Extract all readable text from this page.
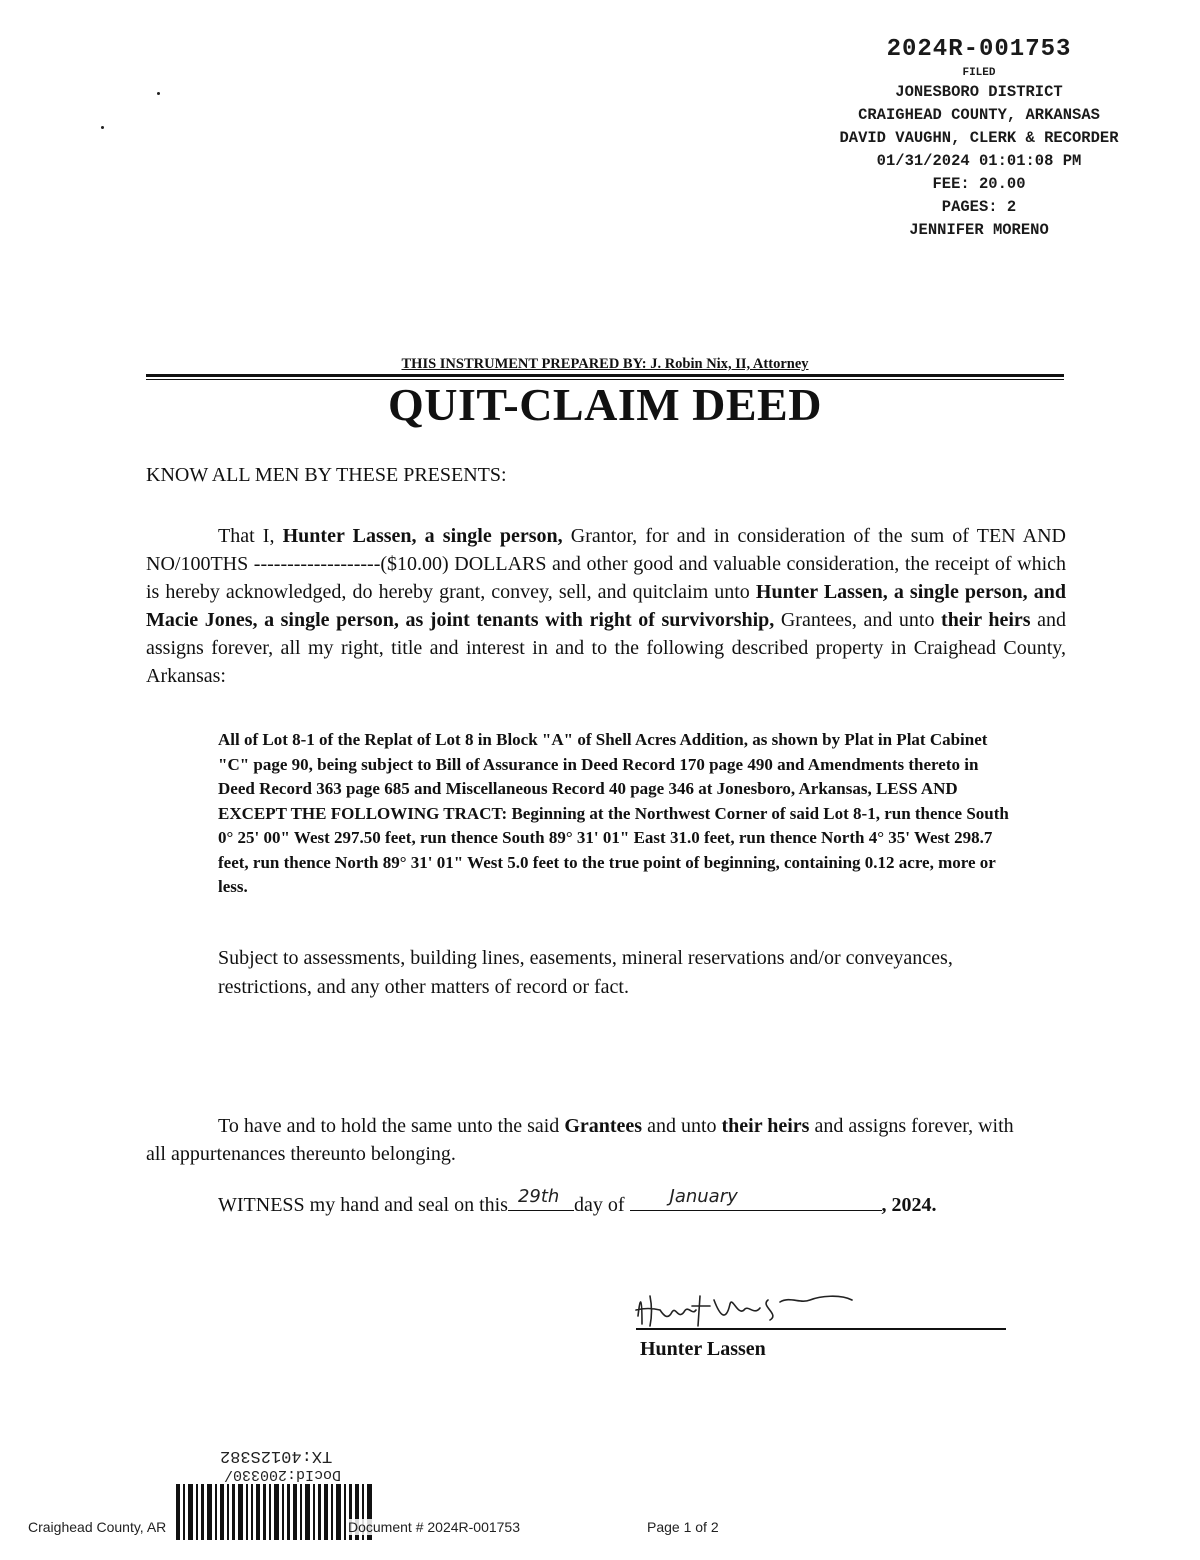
2024R-001753
FILED
JONESBORO DISTRICT
CRAIGHEAD COUNTY, ARKANSAS
DAVID VAUGHN, CLERK & RECORDER
01/31/2024 01:01:08 PM
FEE: 20.00
PAGES: 2
JENNIFER MORENO
THIS INSTRUMENT PREPARED BY: J. Robin Nix, II, Attorney
QUIT-CLAIM DEED
KNOW ALL MEN BY THESE PRESENTS:
That I, Hunter Lassen, a single person, Grantor, for and in consideration of the sum of TEN AND NO/100THS -------------------($10.00) DOLLARS and other good and valuable consideration, the receipt of which is hereby acknowledged, do hereby grant, convey, sell, and quitclaim unto Hunter Lassen, a single person, and Macie Jones, a single person, as joint tenants with right of survivorship, Grantees, and unto their heirs and assigns forever, all my right, title and interest in and to the following described property in Craighead County, Arkansas:
All of Lot 8-1 of the Replat of Lot 8 in Block "A" of Shell Acres Addition, as shown by Plat in Plat Cabinet "C" page 90, being subject to Bill of Assurance in Deed Record 170 page 490 and Amendments thereto in Deed Record 363 page 685 and Miscellaneous Record 40 page 346 at Jonesboro, Arkansas, LESS AND EXCEPT THE FOLLOWING TRACT: Beginning at the Northwest Corner of said Lot 8-1, run thence South 0° 25' 00" West 297.50 feet, run thence South 89° 31' 01" East 31.0 feet, run thence North 4° 35' West 298.7 feet, run thence North 89° 31' 01" West 5.0 feet to the true point of beginning, containing 0.12 acre, more or less.
Subject to assessments, building lines, easements, mineral reservations and/or conveyances, restrictions, and any other matters of record or fact.
To have and to hold the same unto the said Grantees and unto their heirs and assigns forever, with all appurtenances thereunto belonging.
WITNESS my hand and seal on this 29th day of	January	, 2024.
Hunter Lassen
TX:4012S382
DocId:200330/
Craighead County, AR	Document # 2024R-001753	Page 1 of 2
